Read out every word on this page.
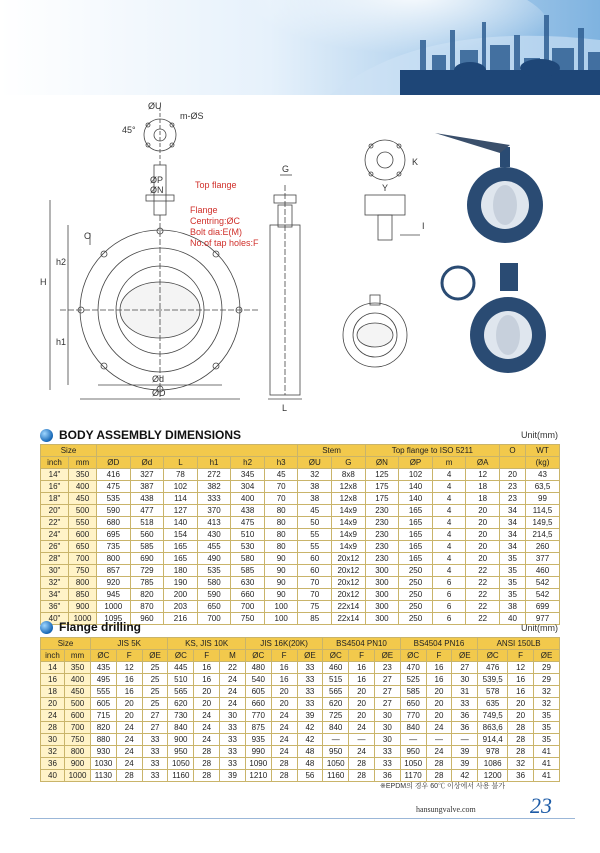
ØU
m-ØS
45°
ØP
ØN
H
h2
h1
O
Ød
ØD
G
L
K
Y
I
Top flange
Flange
Centring:ØC
Bolt dia:E(M)
No.of tap holes:F
BODY ASSEMBLY DIMENSIONS	Unit(mm)
Size								Stem		Top flange to ISO 5211				O	WT
inch	mm	ØD	Ød	L	h1	h2	h3	ØU	G	ØN	ØP	m	ØA		(kg)
14"	350	416	327	78	272	345	45	32	8x8	125	102	4	12	20	43
16"	400	475	387	102	382	304	70	38	12x8	175	140	4	18	23	63,5
18"	450	535	438	114	333	400	70	38	12x8	175	140	4	18	23	99
20"	500	590	477	127	370	438	80	45	14x9	230	165	4	20	34	114,5
22"	550	680	518	140	413	475	80	50	14x9	230	165	4	20	34	149,5
24"	600	695	560	154	430	510	80	55	14x9	230	165	4	20	34	214,5
26"	650	735	585	165	455	530	80	55	14x9	230	165	4	20	34	260
28"	700	800	690	165	490	580	90	60	20x12	230	165	4	20	35	377
30"	750	857	729	180	535	585	90	60	20x12	300	250	4	22	35	460
32"	800	920	785	190	580	630	90	70	20x12	300	250	6	22	35	542
34"	850	945	820	200	590	660	90	70	20x12	300	250	6	22	35	542
36"	900	1000	870	203	650	700	100	75	22x14	300	250	6	22	38	699
40"	1000	1095	960	216	700	750	100	85	22x14	300	250	6	22	40	977
Flange drilling	Unit(mm)
Size		JIS 5K			KS, JIS 10K			JIS 16K(20K)			BS4504 PN10			BS4504 PN16			ANSI 150LB		
inch	mm	ØC	F	ØE	ØC	F	M	ØC	F	ØE	ØC	F	ØE	ØC	F	ØE	ØC	F	ØE
14	350	435	12	25	445	16	22	480	16	33	460	16	23	470	16	27	476	12	29
16	400	495	16	25	510	16	24	540	16	33	515	16	27	525	16	30	539,5	16	29
18	450	555	16	25	565	20	24	605	20	33	565	20	27	585	20	31	578	16	32
20	500	605	20	25	620	20	24	660	20	33	620	20	27	650	20	33	635	20	32
24	600	715	20	27	730	24	30	770	24	39	725	20	30	770	20	36	749,5	20	35
28	700	820	24	27	840	24	33	875	24	42	840	24	30	840	24	36	863,6	28	35
30	750	880	24	33	900	24	33	935	24	42	—	—	30	—	—	—	914,4	28	35
32	800	930	24	33	950	28	33	990	24	48	950	24	33	950	24	39	978	28	41
36	900	1030	24	33	1050	28	33	1090	28	48	1050	28	33	1050	28	39	1086	32	41
40	1000	1130	28	33	1160	28	39	1210	28	56	1160	28	36	1170	28	42	1200	36	41
※EPDM의 경우 60℃ 이상에서 사용 불가
hansungvalve.com 23
